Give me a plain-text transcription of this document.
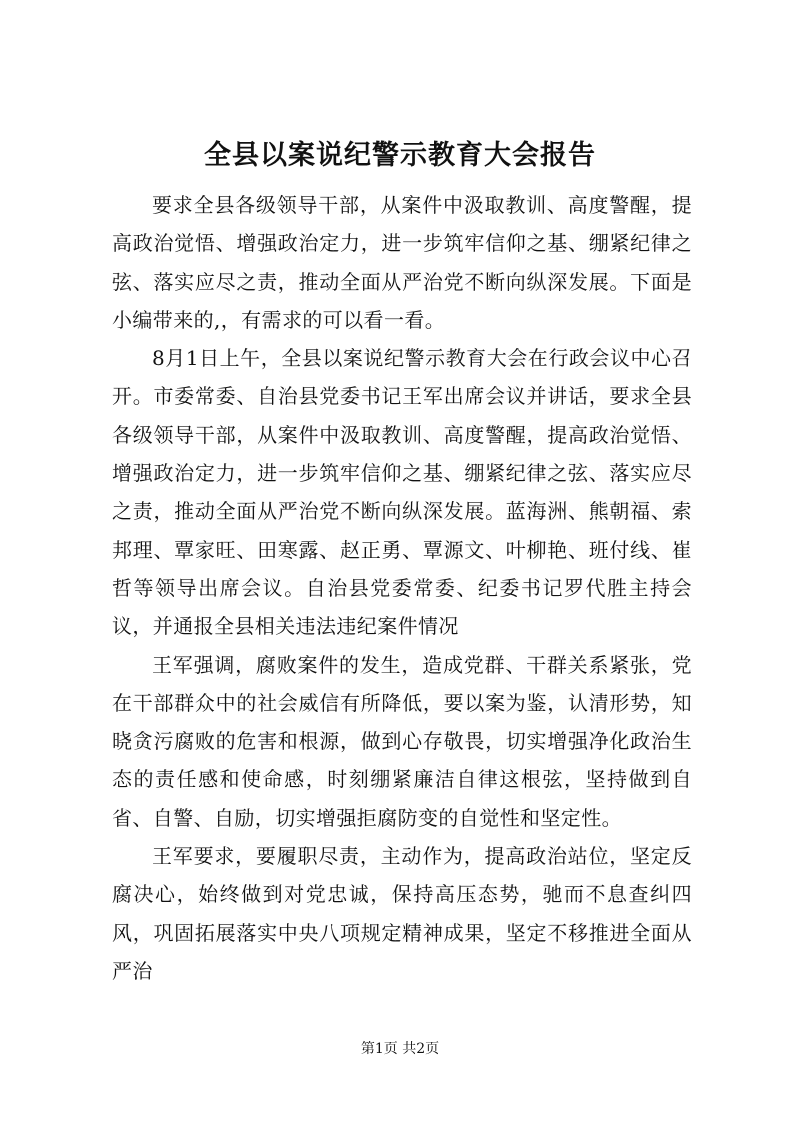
全县以案说纪警示教育大会报告

要求全县各级领导干部，从案件中汲取教训、高度警醒，提高政治觉悟、增强政治定力，进一步筑牢信仰之基、绷紧纪律之弦、落实应尽之责，推动全面从严治党不断向纵深发展。下面是小编带来的,，有需求的可以看一看。

8月1日上午，全县以案说纪警示教育大会在行政会议中心召开。市委常委、自治县党委书记王军出席会议并讲话，要求全县各级领导干部，从案件中汲取教训、高度警醒，提高政治觉悟、增强政治定力，进一步筑牢信仰之基、绷紧纪律之弦、落实应尽之责，推动全面从严治党不断向纵深发展。蓝海洲、熊朝福、索邦理、覃家旺、田寒露、赵正勇、覃源文、叶柳艳、班付线、崔哲等领导出席会议。自治县党委常委、纪委书记罗代胜主持会议，并通报全县相关违法违纪案件情况

王军强调，腐败案件的发生，造成党群、干群关系紧张，党在干部群众中的社会威信有所降低，要以案为鉴，认清形势，知晓贪污腐败的危害和根源，做到心存敬畏，切实增强净化政治生态的责任感和使命感，时刻绷紧廉洁自律这根弦，坚持做到自省、自警、自励，切实增强拒腐防变的自觉性和坚定性。

王军要求，要履职尽责，主动作为，提高政治站位，坚定反腐决心，始终做到对党忠诚，保持高压态势，驰而不息查纠四风，巩固拓展落实中央八项规定精神成果，坚定不移推进全面从严治

第1页 共2页
